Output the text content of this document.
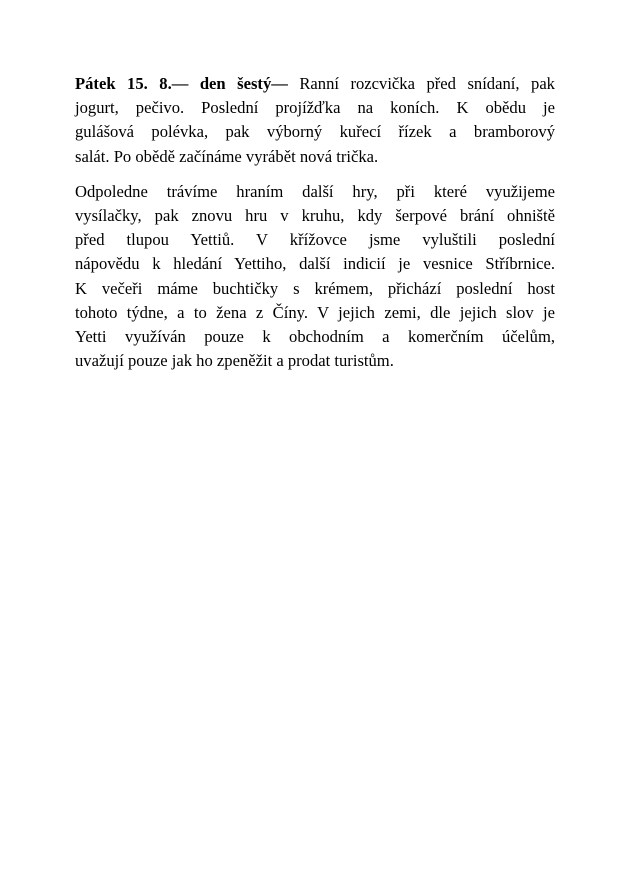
Pátek 15. 8.— den šestý— Ranní rozcvička před snídaní, pak
jogurt, pečivo. Poslední projížďka na koních. K obědu je
gulášová polévka, pak výborný kuřecí řízek a bramborový
salát. Po obědě začínáme vyrábět nová trička.

Odpoledne trávíme hraním další hry, při které využijeme
vysílačky, pak znovu hru v kruhu, kdy šerpové brání ohniště
před tlupou Yettiů. V křížovce jsme vyluštili poslední
nápovědu k hledání Yettiho, další indicií je vesnice Stříbrnice.
K večeři máme buchtičky s krémem, přichází poslední host
tohoto týdne, a to žena z Číny. V jejich zemi, dle jejich slov je
Yetti využíván pouze k obchodním a komerčním účelům,
uvažují pouze jak ho zpeněžit a prodat turistům.
